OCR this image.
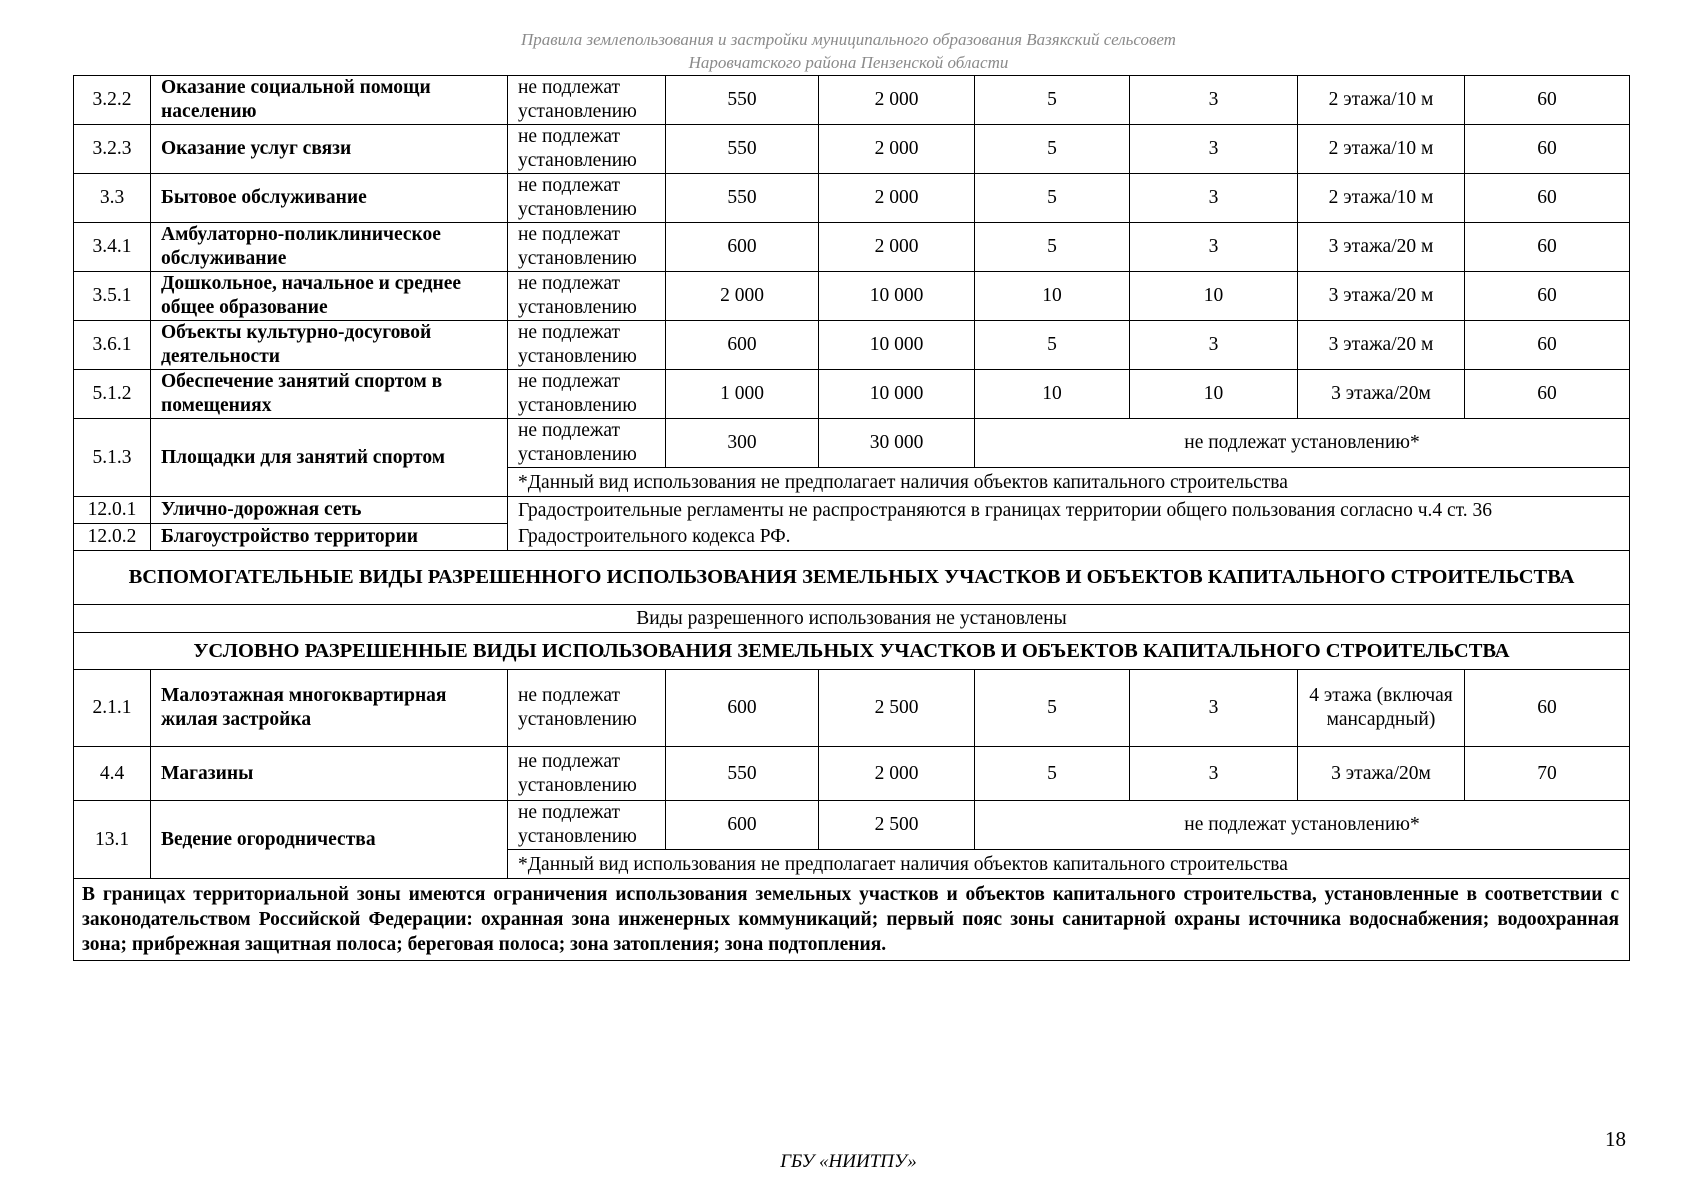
Правила землепользования и застройки муниципального образования Вазякский сельсовет
Наровчатского района Пензенской области
3.2.2	Оказание социальной помощи населению	не подлежат установлению	550	2 000	5	3	2 этажа/10 м	60
3.2.3	Оказание услуг связи	не подлежат установлению	550	2 000	5	3	2 этажа/10 м	60
3.3	Бытовое обслуживание	не подлежат установлению	550	2 000	5	3	2 этажа/10 м	60
3.4.1	Амбулаторно-поликлиническое обслуживание	не подлежат установлению	600	2 000	5	3	3 этажа/20 м	60
3.5.1	Дошкольное, начальное и среднее общее образование	не подлежат установлению	2 000	10 000	10	10	3 этажа/20 м	60
3.6.1	Объекты культурно-досуговой деятельности	не подлежат установлению	600	10 000	5	3	3 этажа/20 м	60
5.1.2	Обеспечение занятий спортом в помещениях	не подлежат установлению	1 000	10 000	10	10	3 этажа/20м	60
5.1.3	Площадки для занятий спортом	не подлежат установлению	300	30 000	не подлежат установлению*			
		*Данный вид использования не предполагает наличия объектов капитального строительства						
12.0.1	Улично-дорожная сеть	Градостроительные регламенты не распространяются в границах территории общего пользования согласно ч.4 ст. 36 Градостроительного кодекса РФ.						
12.0.2	Благоустройство территории							
ВСПОМОГАТЕЛЬНЫЕ ВИДЫ РАЗРЕШЕННОГО ИСПОЛЬЗОВАНИЯ ЗЕМЕЛЬНЫХ УЧАСТКОВ И ОБЪЕКТОВ КАПИТАЛЬНОГО СТРОИТЕЛЬСТВА								
Виды разрешенного использования не установлены								
УСЛОВНО РАЗРЕШЕННЫЕ ВИДЫ ИСПОЛЬЗОВАНИЯ ЗЕМЕЛЬНЫХ УЧАСТКОВ И ОБЪЕКТОВ КАПИТАЛЬНОГО СТРОИТЕЛЬСТВА								
2.1.1	Малоэтажная многоквартирная жилая застройка	не подлежат установлению	600	2 500	5	3	4 этажа (включая мансардный)	60
4.4	Магазины	не подлежат установлению	550	2 000	5	3	3 этажа/20м	70
13.1	Ведение огородничества	не подлежат установлению	600	2 500	не подлежат установлению*			
		*Данный вид использования не предполагает наличия объектов капитального строительства						
В границах территориальной зоны имеются ограничения использования земельных участков и объектов капитального строительства, установленные в соответствии с законодательством Российской Федерации: охранная зона инженерных коммуникаций; первый пояс зоны санитарной охраны источника водоснабжения; водоохранная зона; прибрежная защитная полоса; береговая полоса; зона затопления; зона подтопления.								
18
ГБУ «НИИТПУ»
